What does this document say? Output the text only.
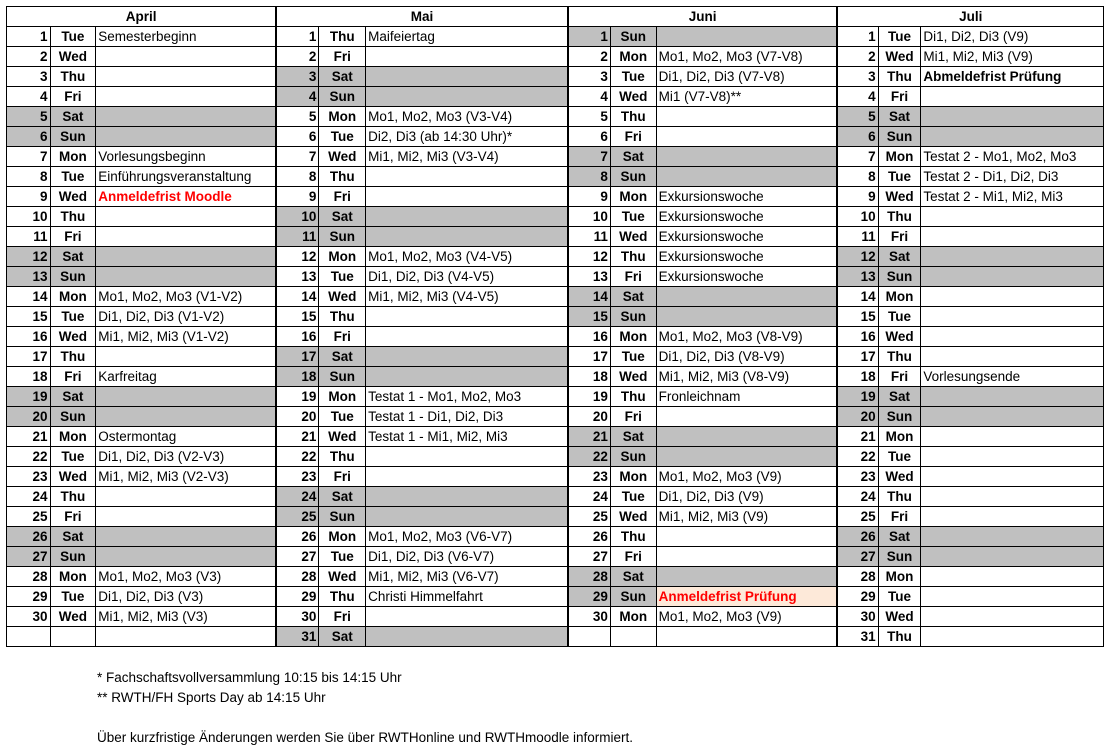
April			Mai			Juni			Juli		
1	Tue	Semesterbeginn	1	Thu	Maifeiertag	1	Sun		1	Tue	Di1, Di2, Di3 (V9)
2	Wed		2	Fri		2	Mon	Mo1, Mo2, Mo3 (V7-V8)	2	Wed	Mi1, Mi2, Mi3 (V9)
3	Thu		3	Sat		3	Tue	Di1, Di2, Di3 (V7-V8)	3	Thu	Abmeldefrist Prüfung
4	Fri		4	Sun		4	Wed	Mi1 (V7-V8)**	4	Fri	
5	Sat		5	Mon	Mo1, Mo2, Mo3 (V3-V4)	5	Thu		5	Sat	
6	Sun		6	Tue	Di2, Di3 (ab 14:30 Uhr)*	6	Fri		6	Sun	
7	Mon	Vorlesungsbeginn	7	Wed	Mi1, Mi2, Mi3 (V3-V4)	7	Sat		7	Mon	Testat 2 - Mo1, Mo2, Mo3
8	Tue	Einführungsveranstaltung	8	Thu		8	Sun		8	Tue	Testat 2 - Di1, Di2, Di3
9	Wed	Anmeldefrist Moodle	9	Fri		9	Mon	Exkursionswoche	9	Wed	Testat 2 - Mi1, Mi2, Mi3
10	Thu		10	Sat		10	Tue	Exkursionswoche	10	Thu	
11	Fri		11	Sun		11	Wed	Exkursionswoche	11	Fri	
12	Sat		12	Mon	Mo1, Mo2, Mo3 (V4-V5)	12	Thu	Exkursionswoche	12	Sat	
13	Sun		13	Tue	Di1, Di2, Di3 (V4-V5)	13	Fri	Exkursionswoche	13	Sun	
14	Mon	Mo1, Mo2, Mo3 (V1-V2)	14	Wed	Mi1, Mi2, Mi3 (V4-V5)	14	Sat		14	Mon	
15	Tue	Di1, Di2, Di3 (V1-V2)	15	Thu		15	Sun		15	Tue	
16	Wed	Mi1, Mi2, Mi3 (V1-V2)	16	Fri		16	Mon	Mo1, Mo2, Mo3 (V8-V9)	16	Wed	
17	Thu		17	Sat		17	Tue	Di1, Di2, Di3 (V8-V9)	17	Thu	
18	Fri	Karfreitag	18	Sun		18	Wed	Mi1, Mi2, Mi3 (V8-V9)	18	Fri	Vorlesungsende
19	Sat		19	Mon	Testat 1 - Mo1, Mo2, Mo3	19	Thu	Fronleichnam	19	Sat	
20	Sun		20	Tue	Testat 1 - Di1, Di2, Di3	20	Fri		20	Sun	
21	Mon	Ostermontag	21	Wed	Testat 1 - Mi1, Mi2, Mi3	21	Sat		21	Mon	
22	Tue	Di1, Di2, Di3 (V2-V3)	22	Thu		22	Sun		22	Tue	
23	Wed	Mi1, Mi2, Mi3 (V2-V3)	23	Fri		23	Mon	Mo1, Mo2, Mo3 (V9)	23	Wed	
24	Thu		24	Sat		24	Tue	Di1, Di2, Di3 (V9)	24	Thu	
25	Fri		25	Sun		25	Wed	Mi1, Mi2, Mi3 (V9)	25	Fri	
26	Sat		26	Mon	Mo1, Mo2, Mo3 (V6-V7)	26	Thu		26	Sat	
27	Sun		27	Tue	Di1, Di2, Di3 (V6-V7)	27	Fri		27	Sun	
28	Mon	Mo1, Mo2, Mo3 (V3)	28	Wed	Mi1, Mi2, Mi3 (V6-V7)	28	Sat		28	Mon	
29	Tue	Di1, Di2, Di3 (V3)	29	Thu	Christi Himmelfahrt	29	Sun	Anmeldefrist Prüfung	29	Tue	
30	Wed	Mi1, Mi2, Mi3 (V3)	30	Fri		30	Mon	Mo1, Mo2, Mo3 (V9)	30	Wed	
			31	Sat					31	Thu	
* Fachschaftsvollversammlung 10:15 bis 14:15 Uhr
** RWTH/FH Sports Day ab 14:15 Uhr
Über kurzfristige Änderungen werden Sie über RWTHonline und RWTHmoodle informiert.
